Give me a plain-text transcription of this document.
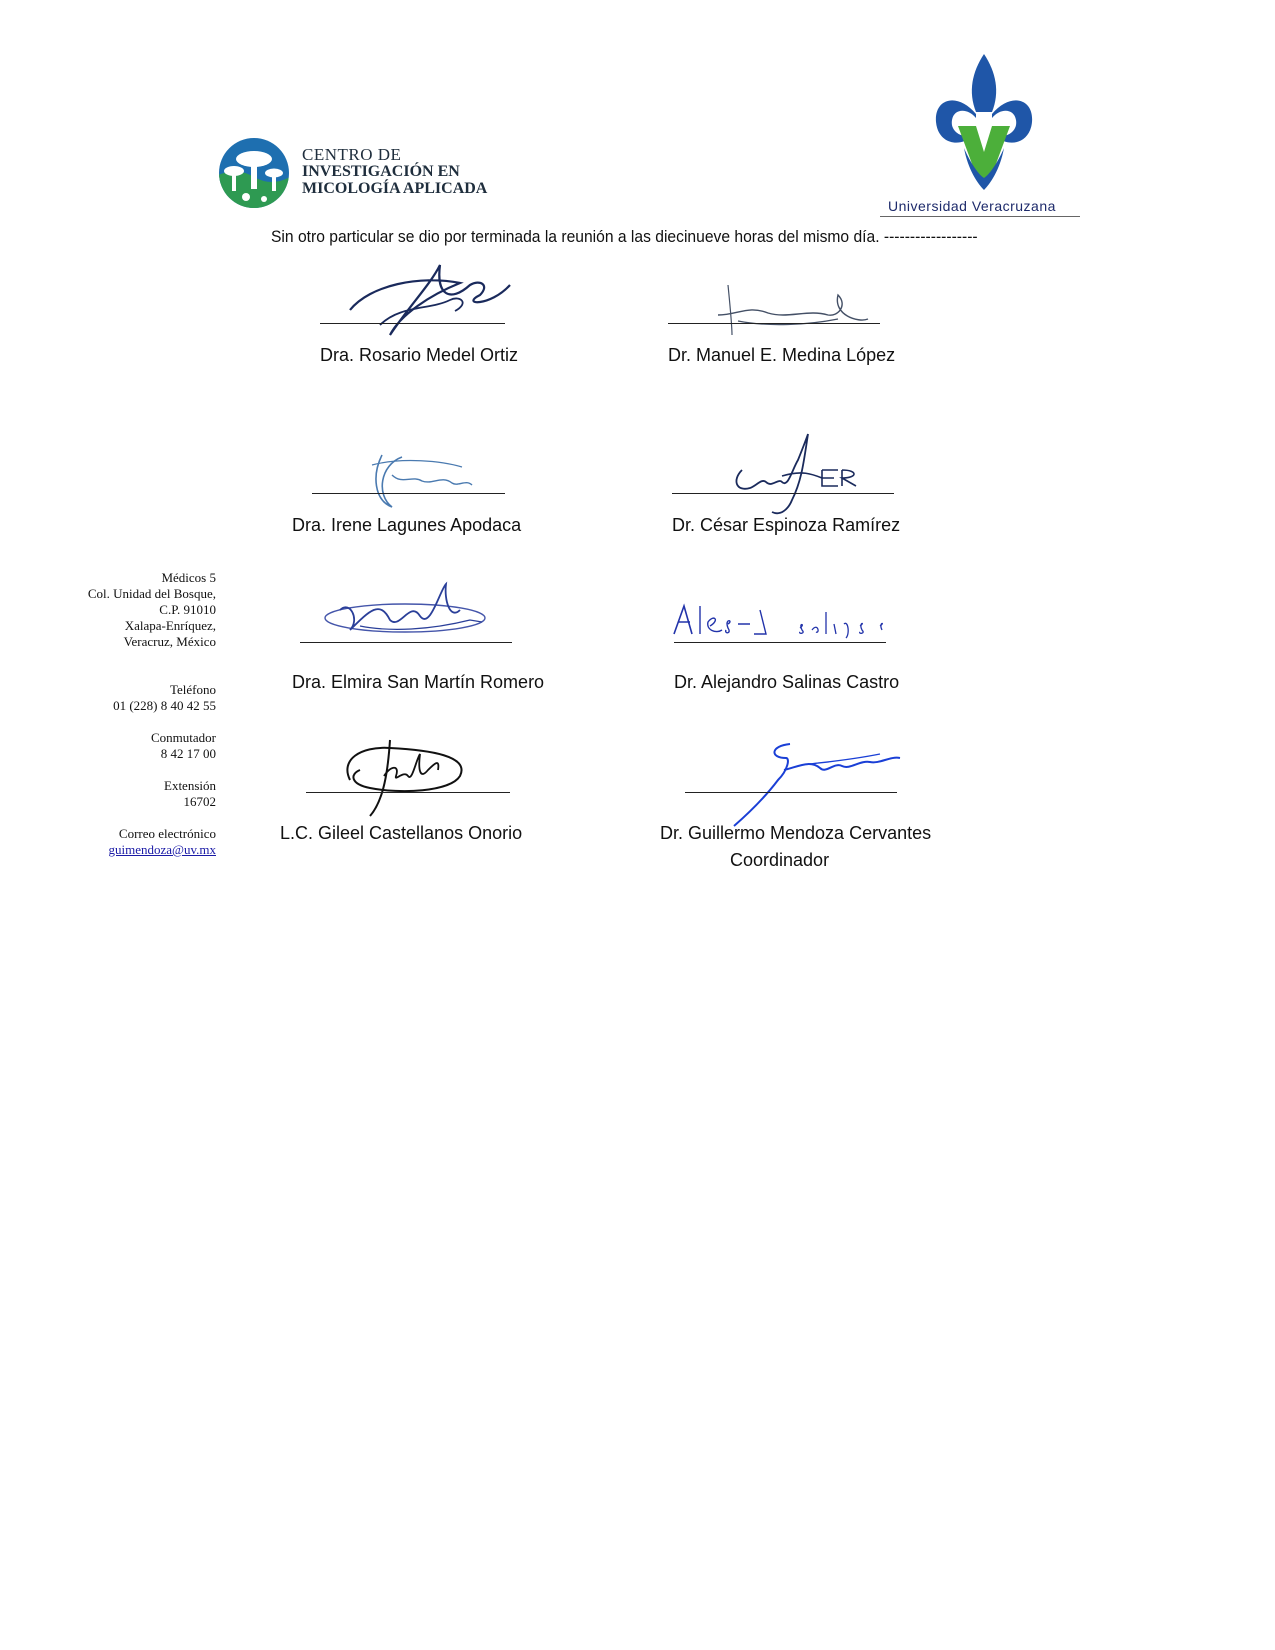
CENTRO DE
INVESTIGACIÓN EN
MICOLOGÍA APLICADA
Universidad Veracruzana
Sin otro particular se dio por terminada la reunión a las diecinueve horas del mismo día. ------------------
Médicos 5
Col. Unidad del Bosque,
C.P. 91010
Xalapa-Enríquez,
Veracruz, México
Teléfono
01 (228) 8 40 42 55
Conmutador
8 42 17 00
Extensión
16702
Correo electrónico
guimendoza@uv.mx
Dra. Rosario Medel Ortiz	Dr. Manuel E. Medina López
Dra. Irene Lagunes Apodaca	Dr. César Espinoza Ramírez
Dra. Elmira San Martín Romero	Dr. Alejandro Salinas Castro
L.C. Gileel Castellanos Onorio	Dr. Guillermo Mendoza Cervantes
Coordinador
